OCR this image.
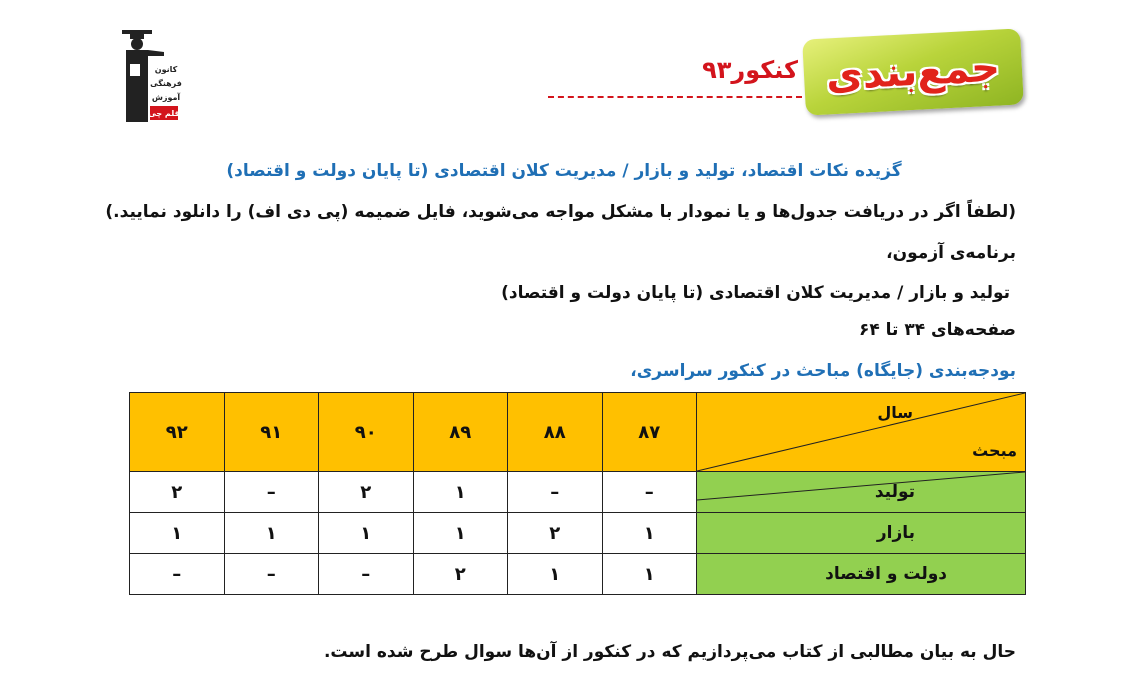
کانون
فرهنگی
آموزش
قلم چی
جمع‌بندی
کنکور۹۳
گزیده نکات اقتصاد، تولید و بازار / مدیریت کلان اقتصادی (تا پایان دولت و اقتصاد)
(لطفاً اگر در دریافت جدول‌ها و یا نمودار با مشکل مواجه می‌شوید، فایل ضمیمه (پی دی اف) را دانلود نمایید.)
برنامه‌ی آزمون،
تولید و بازار / مدیریت کلان اقتصادی (تا پایان دولت و اقتصاد)
صفحه‌های ۳۴ تا ۶۴
بودجه‌بندی (جایگاه) مباحث در کنکور سراسری،
سال
مبحث	۸۷	۸۸	۸۹	۹۰	۹۱	۹۲

تولید	–	–	۱	۲	–	۲
بازار	۱	۲	۱	۱	۱	۱
دولت و اقتصاد	۱	۱	۲	–	–	–
حال به بیان مطالبی از کتاب می‌پردازیم که در کنکور از آن‌ها سوال طرح شده است.
